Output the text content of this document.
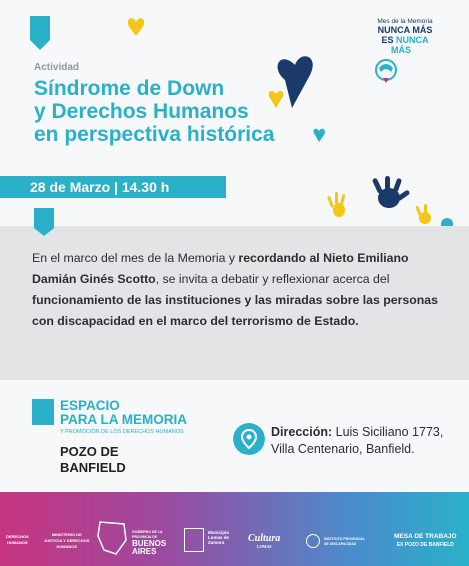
Actividad
Síndrome de Down
y Derechos Humanos
en perspectiva histórica
Mes de la Memoria
NUNCA MÁS
ES NUNCA
MÁS
28 de Marzo | 14.30 h

En el marco del mes de la Memoria y recordando al Nieto Emiliano Damián Ginés Scotto, se invita a debatir y reflexionar acerca del funcionamiento de las instituciones y las miradas sobre las personas con discapacidad en el marco del terrorismo de Estado.

ESPACIO
PARA LA MEMORIA
Y PROMOCIÓN DE LOS DERECHOS HUMANOS
POZO DE
BANFIELD
Dirección: Luis Siciliano 1773, Villa Centenario, Banfield.
DERECHOS
HUMANOS
MINISTERIO DE
JUSTICIA Y DERECHOS
HUMANOS
GOBIERNO DE LA
PROVINCIA DE
BUENOS
AIRES
Municipio
Lomas de
Zamora	Cultura
LOMAS
INSTITUTO PROVINCIAL
DE DISCAPACIDAD
MESA DE TRABAJO
EX POZO DE BANFIELD
